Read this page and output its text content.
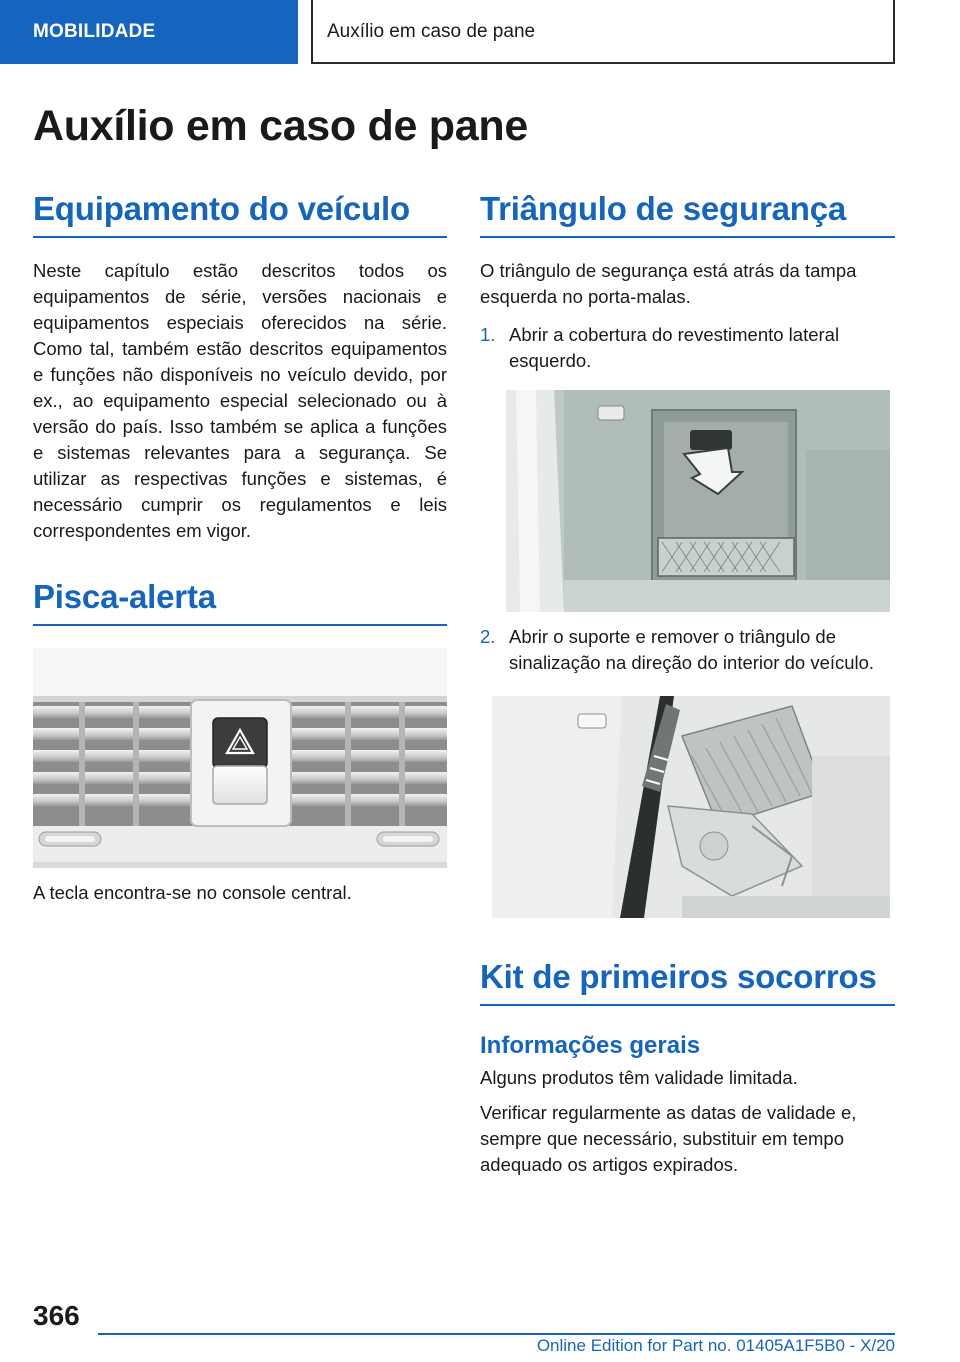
MOBILIDADE	Auxílio em caso de pane
Auxílio em caso de pane
Equipamento do veículo

Neste capítulo estão descritos todos os equipamentos de série, versões nacionais e equipamentos especiais oferecidos na série. Como tal, também estão descritos equipamentos e funções não disponíveis no veículo devido, por ex., ao equipamento especial selecionado ou à versão do país. Isso também se aplica a funções e sistemas relevantes para a segurança. Se utilizar as respectivas funções e sistemas, é necessário cumprir os regulamentos e leis correspondentes em vigor.

Pisca-alerta

A tecla encontra-se no console central.

Triângulo de segurança

O triângulo de segurança está atrás da tampa esquerda no porta-malas.

1. Abrir a cobertura do revestimento lateral esquerdo.
2. Abrir o suporte e remover o triângulo de sinalização na direção do interior do veículo.
Kit de primeiros socorros
Informações gerais

Alguns produtos têm validade limitada.

Verificar regularmente as datas de validade e, sempre que necessário, substituir em tempo adequado os artigos expirados.

366
Online Edition for Part no. 01405A1F5B0 - X/20
